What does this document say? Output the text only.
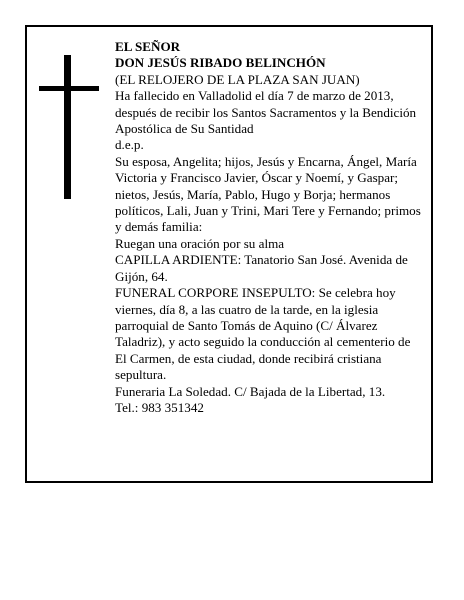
EL SEÑOR

DON JESÚS RIBADO BELINCHÓN

(EL RELOJERO DE LA PLAZA SAN JUAN)

Ha fallecido en Valladolid el día 7 de marzo de 2013, después de recibir los Santos Sacramentos y la Bendición Apostólica de Su Santidad

d.e.p.

Su esposa, Angelita; hijos, Jesús y Encarna, Ángel, María Victoria y Francisco Javier, Óscar y Noemí, y Gaspar; nietos, Jesús, María, Pablo, Hugo y Borja; hermanos políticos, Lali, Juan y Trini, Mari Tere y Fernando; primos y demás familia:

Ruegan una oración por su alma

CAPILLA ARDIENTE: Tanatorio San José. Avenida de Gijón, 64.

FUNERAL CORPORE INSEPULTO: Se celebra hoy viernes, día 8, a las cuatro de la tarde, en la iglesia parroquial de Santo Tomás de Aquino (C/ Álvarez Taladriz), y acto seguido la conducción al cementerio de El Carmen, de esta ciudad, donde recibirá cristiana sepultura.

Funeraria La Soledad. C/ Bajada de la Libertad, 13.

Tel.: 983 351342
